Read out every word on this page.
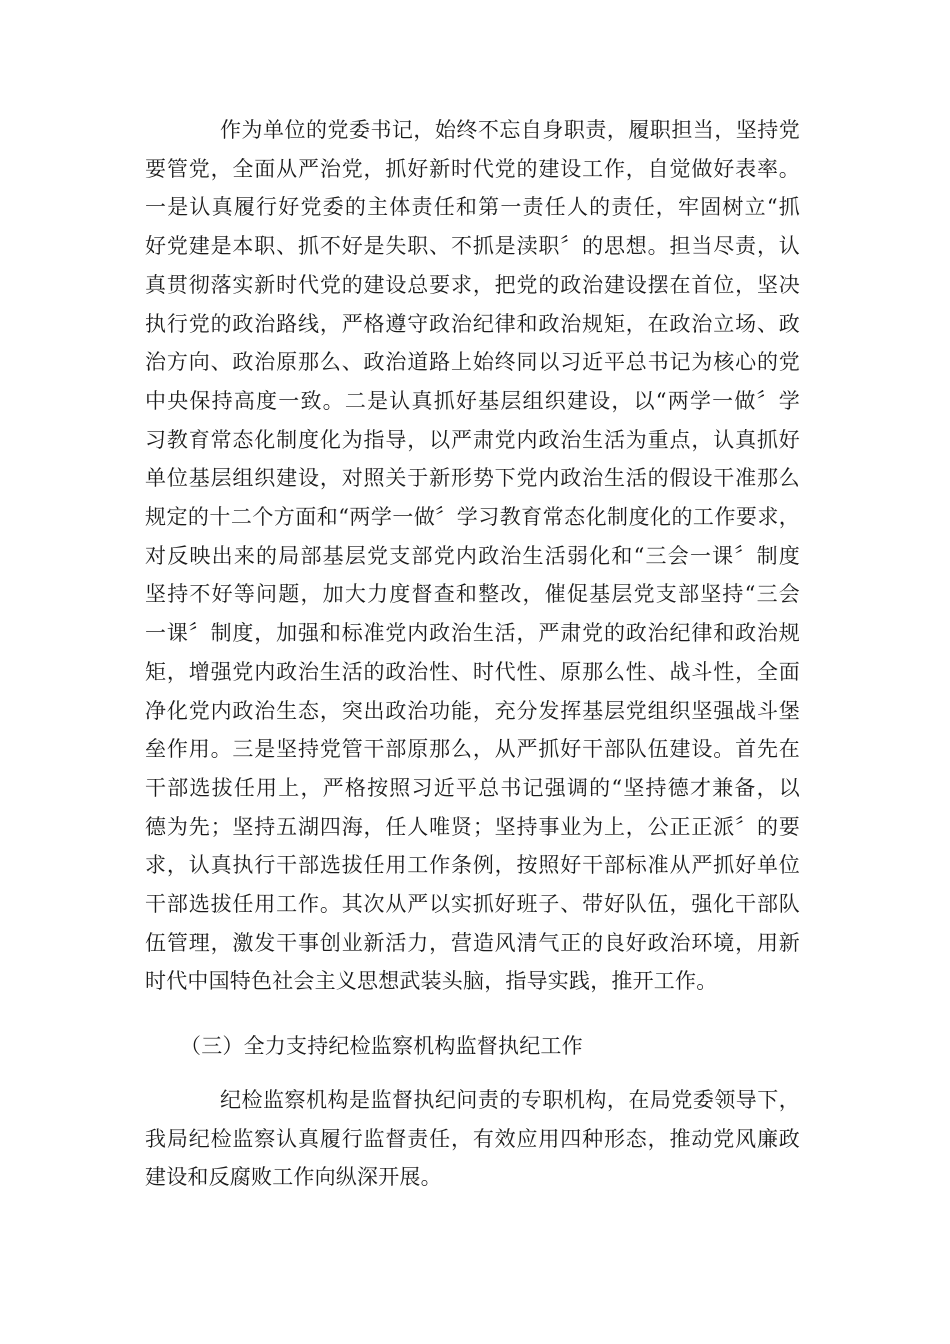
作为单位的党委书记，始终不忘自身职责，履职担当，坚持党
要管党，全面从严治党，抓好新时代党的建设工作，自觉做好表率。
一是认真履行好党委的主体责任和第一责任人的责任，牢固树立“抓
好党建是本职、抓不好是失职、不抓是渎职〞的思想。担当尽责，认
真贯彻落实新时代党的建设总要求，把党的政治建设摆在首位，坚决
执行党的政治路线，严格遵守政治纪律和政治规矩，在政治立场、政
治方向、政治原那么、政治道路上始终同以习近平总书记为核心的党
中央保持高度一致。二是认真抓好基层组织建设，以“两学一做〞学
习教育常态化制度化为指导，以严肃党内政治生活为重点，认真抓好
单位基层组织建设，对照关于新形势下党内政治生活的假设干准那么
规定的十二个方面和“两学一做〞学习教育常态化制度化的工作要求，
对反映出来的局部基层党支部党内政治生活弱化和“三会一课〞制度
坚持不好等问题，加大力度督查和整改，催促基层党支部坚持“三会
一课〞制度，加强和标准党内政治生活，严肃党的政治纪律和政治规
矩，增强党内政治生活的政治性、时代性、原那么性、战斗性，全面
净化党内政治生态，突出政治功能，充分发挥基层党组织坚强战斗堡
垒作用。三是坚持党管干部原那么，从严抓好干部队伍建设。首先在
干部选拔任用上，严格按照习近平总书记强调的“坚持德才兼备，以
德为先；坚持五湖四海，任人唯贤；坚持事业为上，公正正派〞的要
求，认真执行干部选拔任用工作条例，按照好干部标准从严抓好单位
干部选拔任用工作。其次从严以实抓好班子、带好队伍，强化干部队
伍管理，激发干事创业新活力，营造风清气正的良好政治环境，用新
时代中国特色社会主义思想武装头脑，指导实践，推开工作。
（三）全力支持纪检监察机构监督执纪工作
纪检监察机构是监督执纪问责的专职机构，在局党委领导下，
我局纪检监察认真履行监督责任，有效应用四种形态，推动党风廉政
建设和反腐败工作向纵深开展。
